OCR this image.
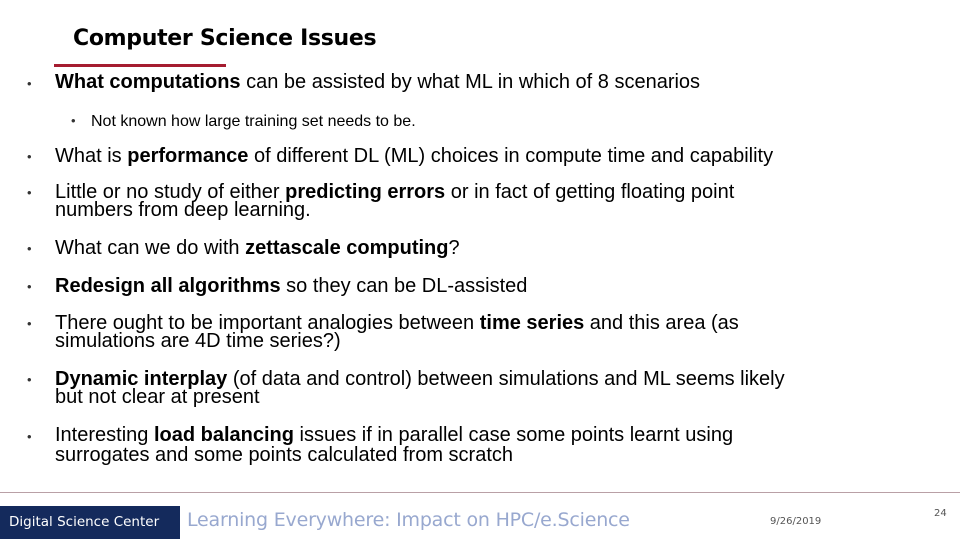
Computer Science Issues
•
•
•
•
•
•
•
•
•
What computations can be assisted by what ML in which of 8 scenarios
Not known how large training set needs to be.
What is performance of different DL (ML) choices in compute time and capability
Little or no study of either predicting errors or in fact of getting floating point
numbers from deep learning.
What can we do with zettascale computing?
Redesign all algorithms so they can be DL-assisted
There ought to be important analogies between time series and this area (as
simulations are 4D time series?)
Dynamic interplay (of data and control) between simulations and ML seems likely
but not clear at present
Interesting load balancing issues if in parallel case some points learnt using
surrogates and some points calculated from scratch
Digital Science Center Learning Everywhere: Impact on HPC/e.Science	9/26/2019
24
